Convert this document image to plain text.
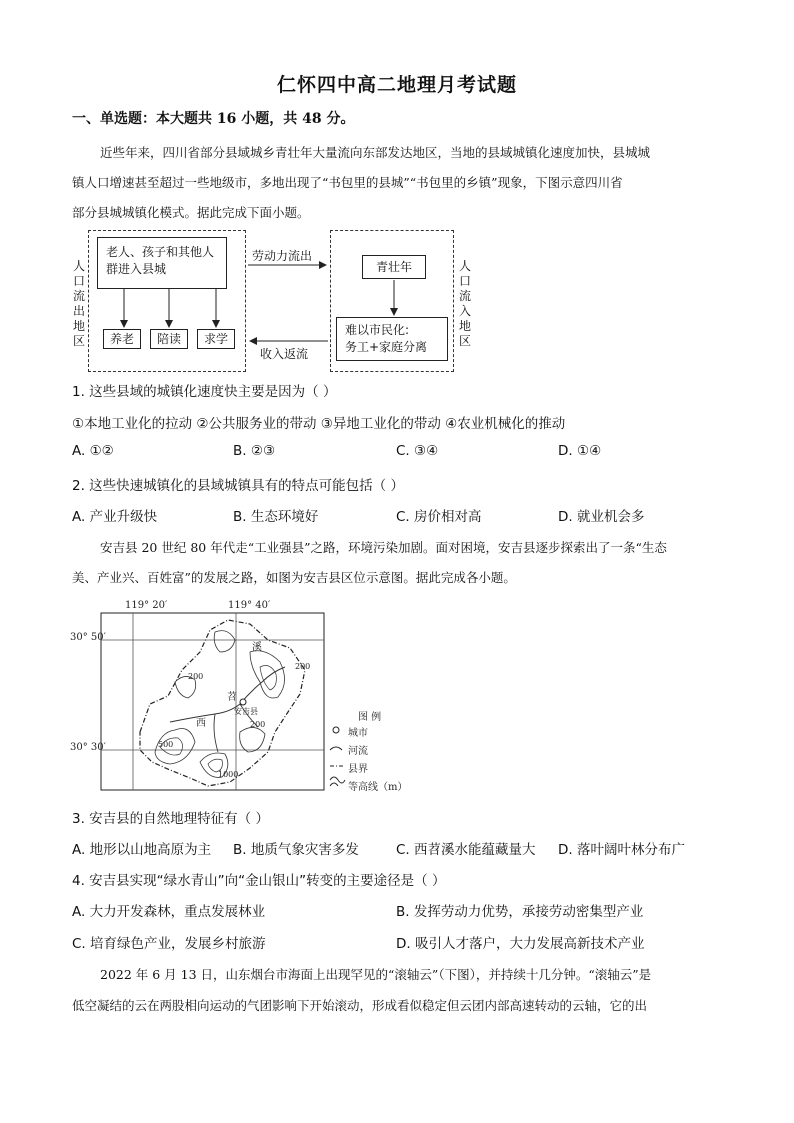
仁怀四中高二地理月考试题
一、单选题：本大题共 16 小题，共 48 分。
近些年来，四川省部分县域城乡青壮年大量流向东部发达地区，当地的县域城镇化速度加快，县城城
镇人口增速甚至超过一些地级市，多地出现了“书包里的县城”“书包里的乡镇”现象，下图示意四川省
部分县城城镇化模式。据此完成下面小题。
人口流出地区
老人、孩子和其他人群进入县城
养老	陪读	求学
劳动力流出
收入返流
青壮年
难以市民化:
务工+家庭分离
人口流入地区
1. 这些县域的城镇化速度快主要是因为（ ）
①本地工业化的拉动 ②公共服务业的带动 ③异地工业化的带动 ④农业机械化的推动
A. ①②	B. ②③	C. ③④	D. ①④
2. 这些快速城镇化的县域城镇具有的特点可能包括（ ）
A. 产业升级快	B. 生态环境好	C. 房价相对高	D. 就业机会多
安吉县 20 世纪 80 年代走“工业强县”之路，环境污染加剧。面对困境，安吉县逐步探索出了一条“生态
美、产业兴、百姓富”的发展之路，如图为安吉县区位示意图。据此完成各小题。
119° 20′	119° 40′
30° 50′
30° 30′
安吉县
溪
苕
西
200
200
200
500
1000
图 例
城市
河流
县界
等高线（m）
3. 安吉县的自然地理特征有（ ）
A. 地形以山地高原为主 B. 地质气象灾害多发	C. 西苕溪水能蕴藏量大 D. 落叶阔叶林分布广
4. 安吉县实现“绿水青山”向“金山银山”转变的主要途径是（ ）
A. 大力开发森林，重点发展林业	B. 发挥劳动力优势，承接劳动密集型产业
C. 培育绿色产业，发展乡村旅游	D. 吸引人才落户，大力发展高新技术产业
2022 年 6 月 13 日，山东烟台市海面上出现罕见的“滚轴云”（下图），并持续十几分钟。“滚轴云”是
低空凝结的云在两股相向运动的气团影响下开始滚动，形成看似稳定但云团内部高速转动的云轴，它的出
